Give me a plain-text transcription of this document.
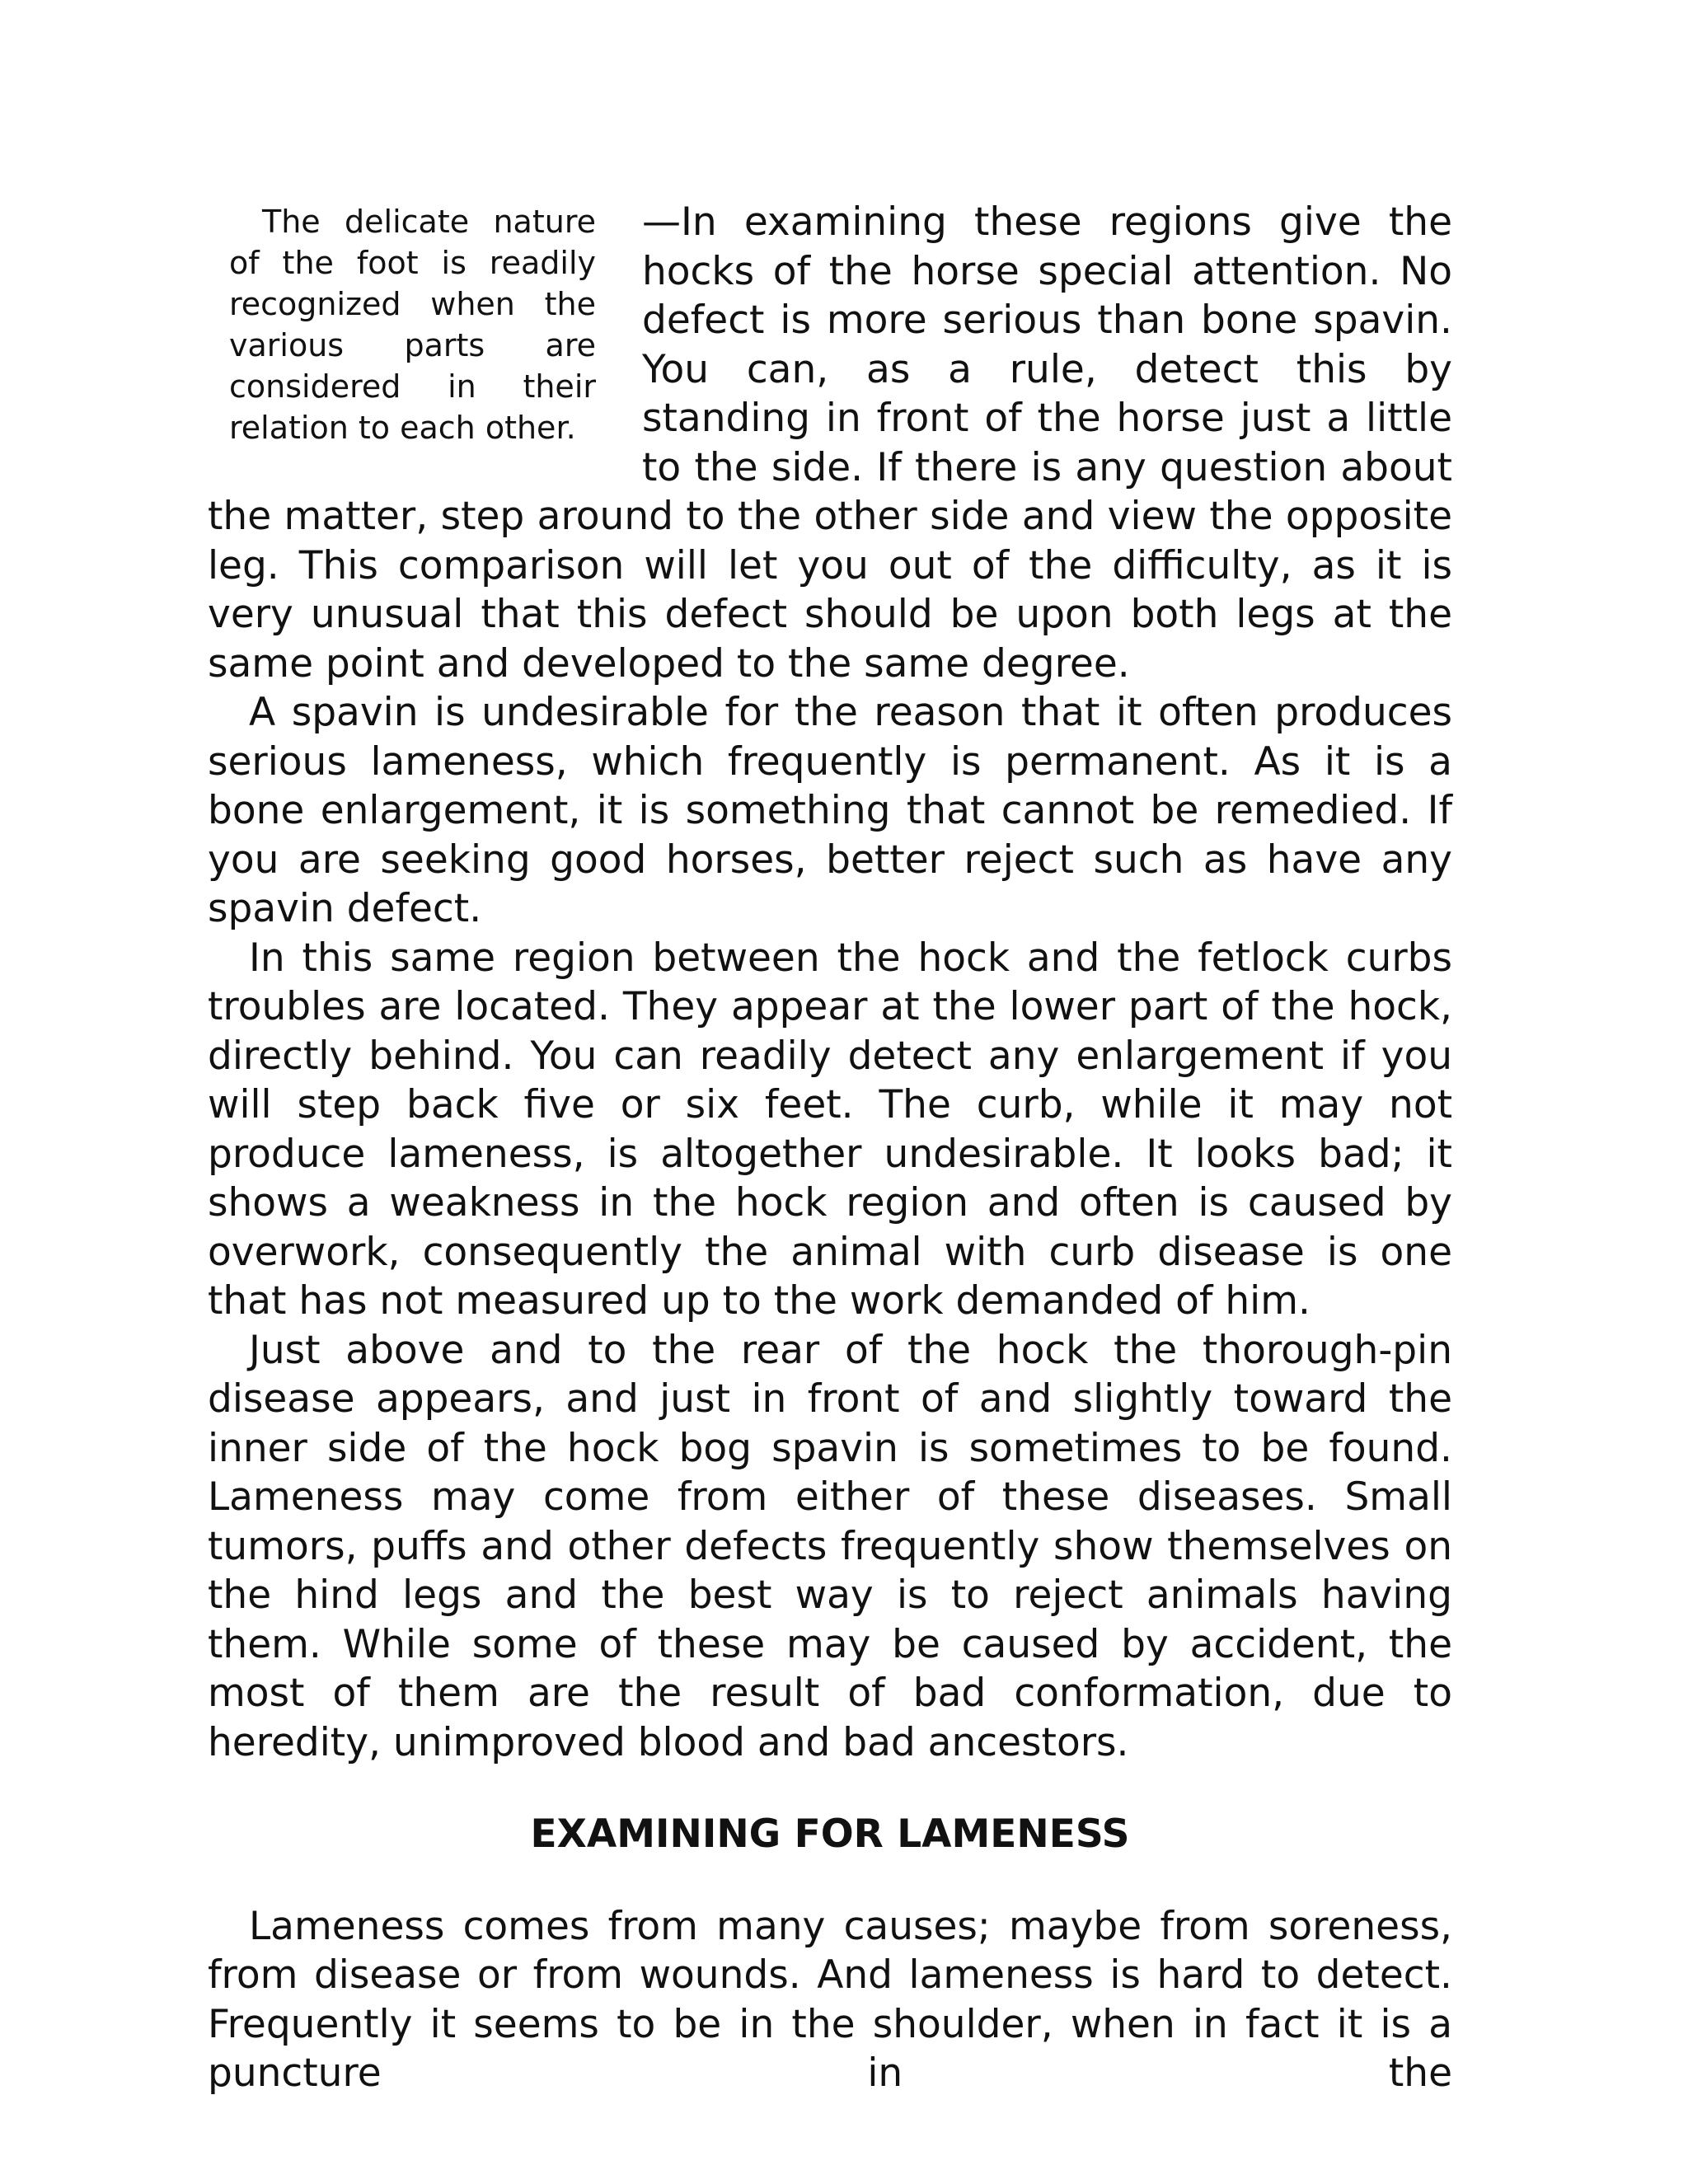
The delicate nature of the foot is readily recognized when the various parts are considered in their relation to each other.

—In examining these regions give the hocks of the horse special attention. No defect is more serious than bone spavin. You can, as a rule, detect this by standing in front of the horse just a little to the side. If there is any question about the matter, step around to the other side and view the opposite leg. This comparison will let you out of the difficulty, as it is very unusual that this defect should be upon both legs at the same point and developed to the same degree.

A spavin is undesirable for the reason that it often produces serious lameness, which frequently is permanent. As it is a bone enlargement, it is something that cannot be remedied. If you are seeking good horses, better reject such as have any spavin defect.

In this same region between the hock and the fetlock curbs troubles are located. They appear at the lower part of the hock, directly behind. You can readily detect any enlargement if you will step back five or six feet. The curb, while it may not produce lameness, is altogether undesirable. It looks bad; it shows a weakness in the hock region and often is caused by overwork, consequently the animal with curb disease is one that has not measured up to the work demanded of him.

Just above and to the rear of the hock the thorough-pin disease appears, and just in front of and slightly toward the inner side of the hock bog spavin is sometimes to be found. Lameness may come from either of these diseases. Small tumors, puffs and other defects frequently show themselves on the hind legs and the best way is to reject animals having them. While some of these may be caused by accident, the most of them are the result of bad conformation, due to heredity, unimproved blood and bad ancestors.

EXAMINING FOR LAMENESS

Lameness comes from many causes; maybe from soreness, from disease or from wounds. And lameness is hard to detect. Frequently it seems to be in the shoulder, when in fact it is a puncture in the
